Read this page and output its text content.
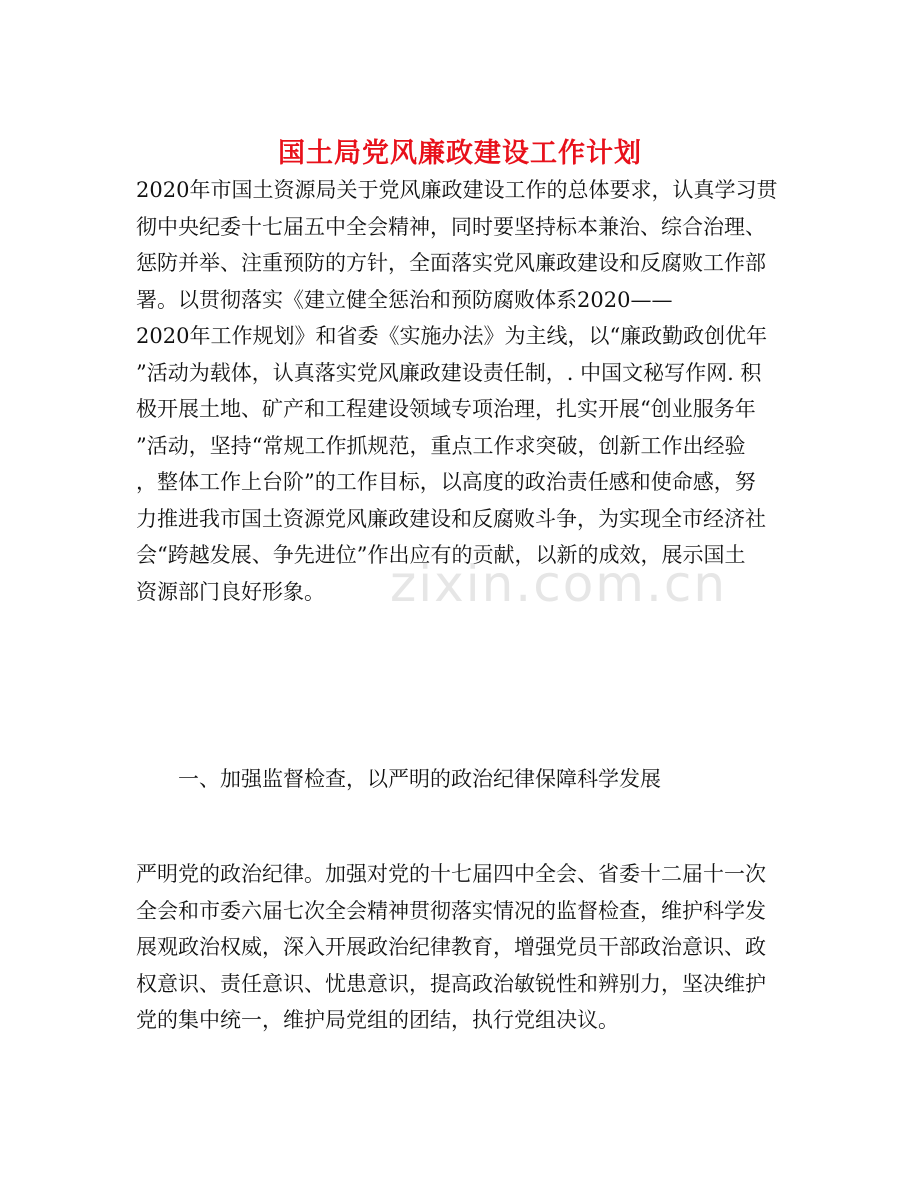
zixin.com.cn
国土局党风廉政建设工作计划
2020年市国土资源局关于党风廉政建设工作的总体要求，认真学习贯
彻中央纪委十七届五中全会精神，同时要坚持标本兼治、综合治理、
惩防并举、注重预防的方针，全面落实党风廉政建设和反腐败工作部
署。以贯彻落实《建立健全惩治和预防腐败体系2020——
2020年工作规划》和省委《实施办法》为主线，以“廉政勤政创优年
”活动为载体，认真落实党风廉政建设责任制，. 中国文秘写作网. 积
极开展土地、矿产和工程建设领域专项治理，扎实开展“创业服务年
”活动，坚持“常规工作抓规范，重点工作求突破，创新工作出经验
，整体工作上台阶”的工作目标，以高度的政治责任感和使命感，努
力推进我市国土资源党风廉政建设和反腐败斗争，为实现全市经济社
会“跨越发展、争先进位”作出应有的贡献，以新的成效，展示国土
资源部门良好形象。

一、加强监督检查，以严明的政治纪律保障科学发展

严明党的政治纪律。加强对党的十七届四中全会、省委十二届十一次
全会和市委六届七次全会精神贯彻落实情况的监督检查，维护科学发
展观政治权威，深入开展政治纪律教育，增强党员干部政治意识、政
权意识、责任意识、忧患意识，提高政治敏锐性和辨别力，坚决维护
党的集中统一，维护局党组的团结，执行党组决议。
